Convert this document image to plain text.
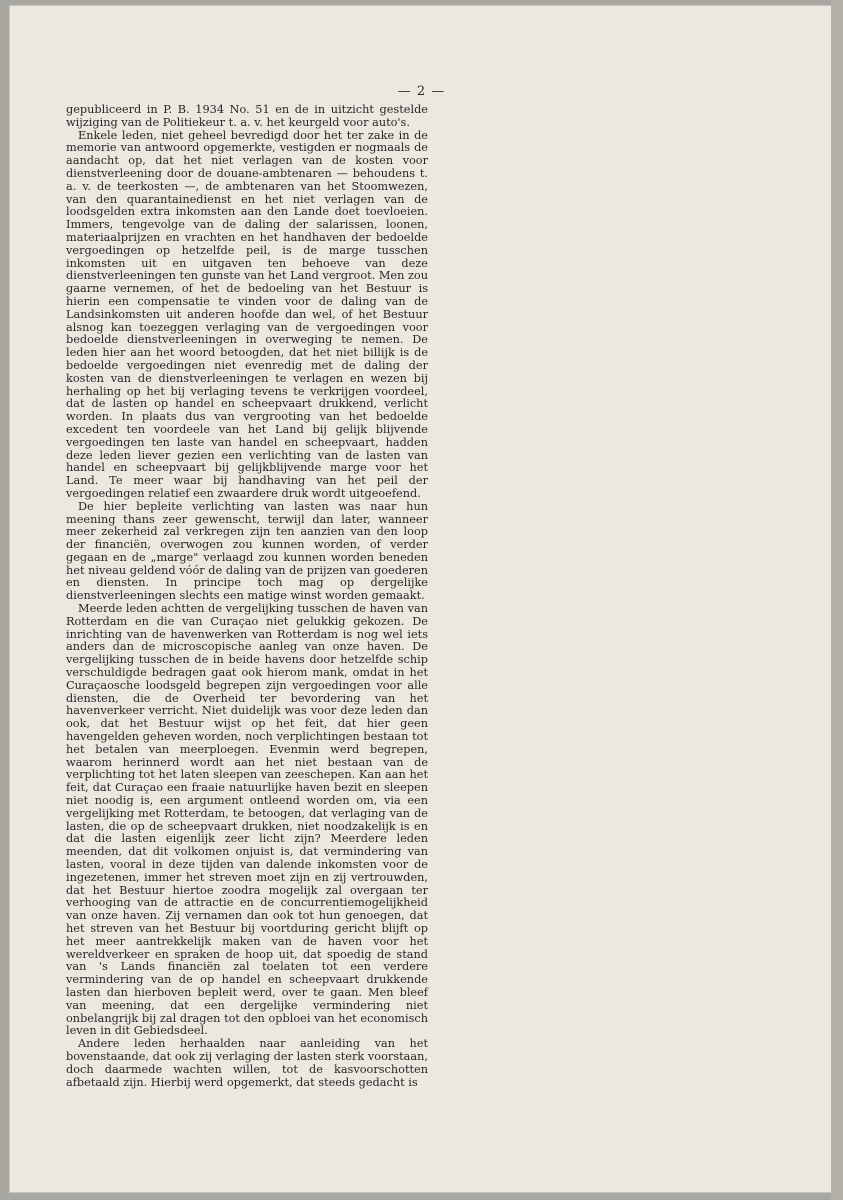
— 2 —

gepubliceerd in P. B. 1934 No. 51 en de in uitzicht gestelde wijziging van de Politiekeur t. a. v. het keurgeld voor auto's.

Enkele leden, niet geheel bevredigd door het ter zake in de memorie van antwoord opgemerkte, vestigden er nogmaals de aandacht op, dat het niet verlagen van de kosten voor dienstverleening door de douane-ambtenaren — behoudens t. a. v. de teerkosten —, de ambtenaren van het Stoomwezen, van den quarantainedienst en het niet verlagen van de loodsgelden extra inkomsten aan den Lande doet toevloeien. Immers, tengevolge van de daling der salarissen, loonen, materiaalprijzen en vrachten en het handhaven der bedoelde vergoedingen op hetzelfde peil, is de marge tusschen inkomsten uit en uitgaven ten behoeve van deze dienstverleeningen ten gunste van het Land vergroot. Men zou gaarne vernemen, of het de bedoeling van het Bestuur is hierin een compensatie te vinden voor de daling van de Landsinkomsten uit anderen hoofde dan wel, of het Bestuur alsnog kan toezeggen verlaging van de vergoedingen voor bedoelde dienstverleeningen in overweging te nemen. De leden hier aan het woord betoogden, dat het niet billijk is de bedoelde vergoedingen niet evenredig met de daling der kosten van de dienstverleeningen te verlagen en wezen bij herhaling op het bij verlaging tevens te verkrijgen voordeel, dat de lasten op handel en scheepvaart drukkend, verlicht worden. In plaats dus van vergrooting van het bedoelde excedent ten voordeele van het Land bij gelijk blijvende vergoedingen ten laste van handel en scheepvaart, hadden deze leden liever gezien een verlichting van de lasten van handel en scheepvaart bij gelijkblijvende marge voor het Land. Te meer waar bij handhaving van het peil der vergoedingen relatief een zwaardere druk wordt uitgeoefend.

De hier bepleite verlichting van lasten was naar hun meening thans zeer gewenscht, terwijl dan later, wanneer meer zekerheid zal verkregen zijn ten aanzien van den loop der financiën, overwogen zou kunnen worden, of verder gegaan en de „marge" verlaagd zou kunnen worden beneden het niveau geldend vóór de daling van de prijzen van goederen en diensten. In principe toch mag op dergelijke dienstverleeningen slechts een matige winst worden gemaakt.

Meerde leden achtten de vergelijking tusschen de haven van Rotterdam en die van Curaçao niet gelukkig gekozen. De inrichting van de havenwerken van Rotterdam is nog wel iets anders dan de microscopische aanleg van onze haven. De vergelijking tusschen de in beide havens door hetzelfde schip verschuldigde bedragen gaat ook hierom mank, omdat in het Curaçaosche loodsgeld begrepen zijn vergoedingen voor alle diensten, die de Overheid ter bevordering van het havenverkeer verricht. Niet duidelijk was voor deze leden dan ook, dat het Bestuur wijst op het feit, dat hier geen havengelden geheven worden, noch verplichtingen bestaan tot het betalen van meerploegen. Evenmin werd begrepen, waarom herinnerd wordt aan het niet bestaan van de verplichting tot het laten sleepen van zeeschepen. Kan aan het feit, dat Curaçao een fraaie natuurlijke haven bezit en sleepen niet noodig is, een argument ontleend worden om, via een vergelijking met Rotterdam, te betoogen, dat verlaging van de lasten, die op de scheepvaart drukken, niet noodzakelijk is en dat die lasten eigenlijk zeer licht zijn? Meerdere leden meenden, dat dit volkomen onjuist is, dat vermindering van lasten, vooral in deze tijden van dalende inkomsten voor de ingezetenen, immer het streven moet zijn en zij vertrouwden, dat het Bestuur hiertoe zoodra mogelijk zal overgaan ter verhooging van de attractie en de concurrentiemogelijkheid van onze haven. Zij vernamen dan ook tot hun genoegen, dat het streven van het Bestuur bij voortduring gericht blijft op het meer aantrekkelijk maken van de haven voor het wereldverkeer en spraken de hoop uit, dat spoedig de stand van 's Lands financiën zal toelaten tot een verdere vermindering van de op handel en scheepvaart drukkende lasten dan hierboven bepleit werd, over te gaan. Men bleef van meening, dat een dergelijke vermindering niet onbelangrijk bij zal dragen tot den opbloei van het economisch leven in dit Gebiedsdeel.

Andere leden herhaalden naar aanleiding van het bovenstaande, dat ook zij verlaging der lasten sterk voorstaan, doch daarmede wachten willen, tot de kasvoorschotten afbetaald zijn. Hierbij werd opgemerkt, dat steeds gedacht is
